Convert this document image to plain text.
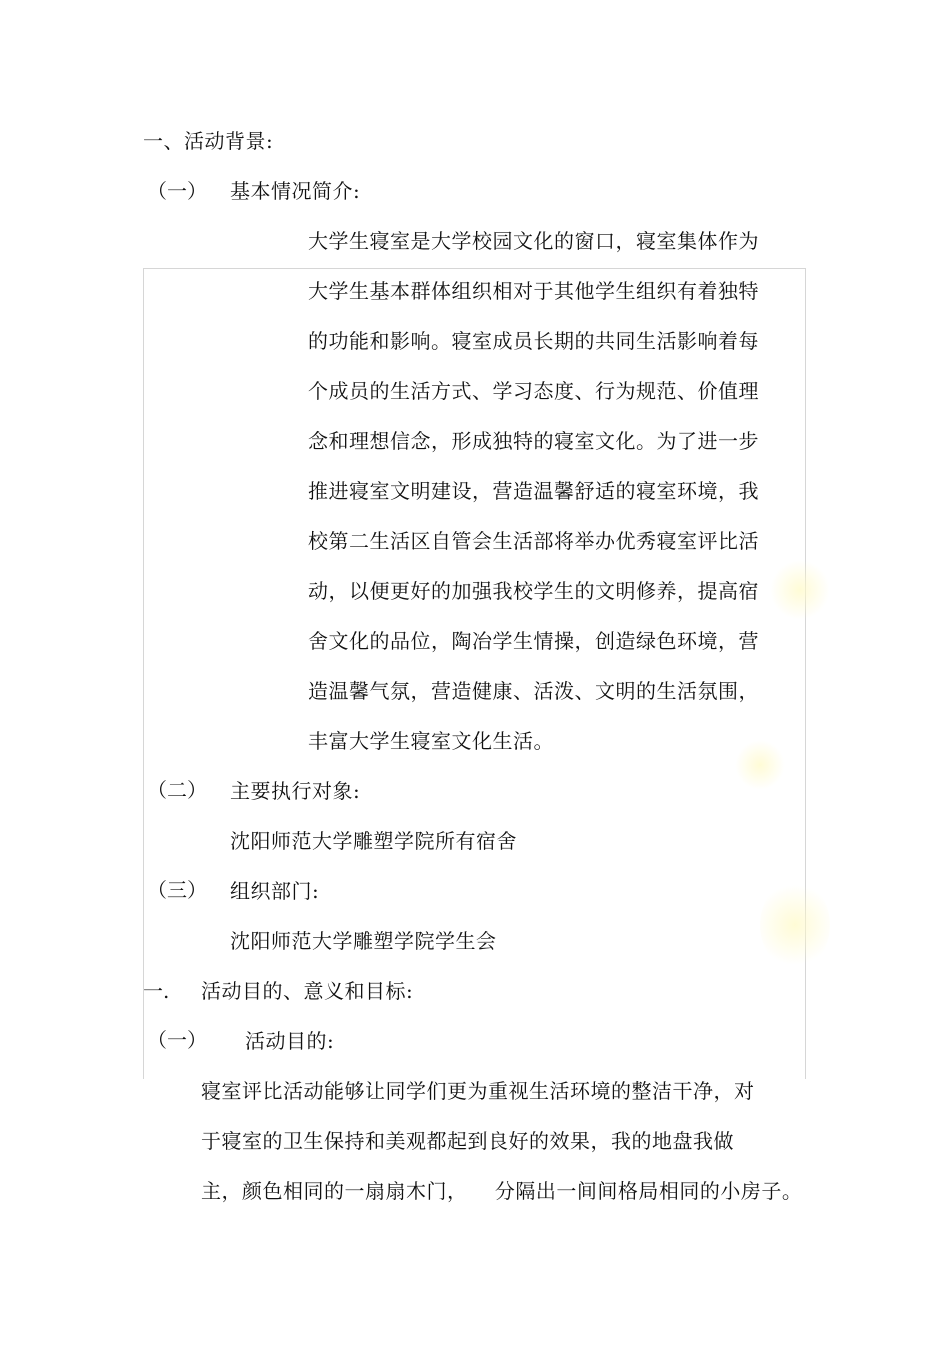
一、活动背景:
（一） 基本情况简介:
大学生寝室是大学校园文化的窗口，寝室集体作为
大学生基本群体组织相对于其他学生组织有着独特
的功能和影响。寝室成员长期的共同生活影响着每
个成员的生活方式、学习态度、行为规范、价值理
念和理想信念，形成独特的寝室文化。为了进一步
推进寝室文明建设，营造温馨舒适的寝室环境，我
校第二生活区自管会生活部将举办优秀寝室评比活
动，以便更好的加强我校学生的文明修养，提高宿
舍文化的品位，陶冶学生情操，创造绿色环境，营
造温馨气氛，营造健康、活泼、文明的生活氛围，
丰富大学生寝室文化生活。
（二） 主要执行对象:
沈阳师范大学雕塑学院所有宿舍
（三） 组织部门:
沈阳师范大学雕塑学院学生会
一. 活动目的、意义和目标:
（一） 活动目的:
寝室评比活动能够让同学们更为重视生活环境的整洁干净，对
于寝室的卫生保持和美观都起到良好的效果，我的地盘我做
主，颜色相同的一扇扇木门，    分隔出一间间格局相同的小房子。
